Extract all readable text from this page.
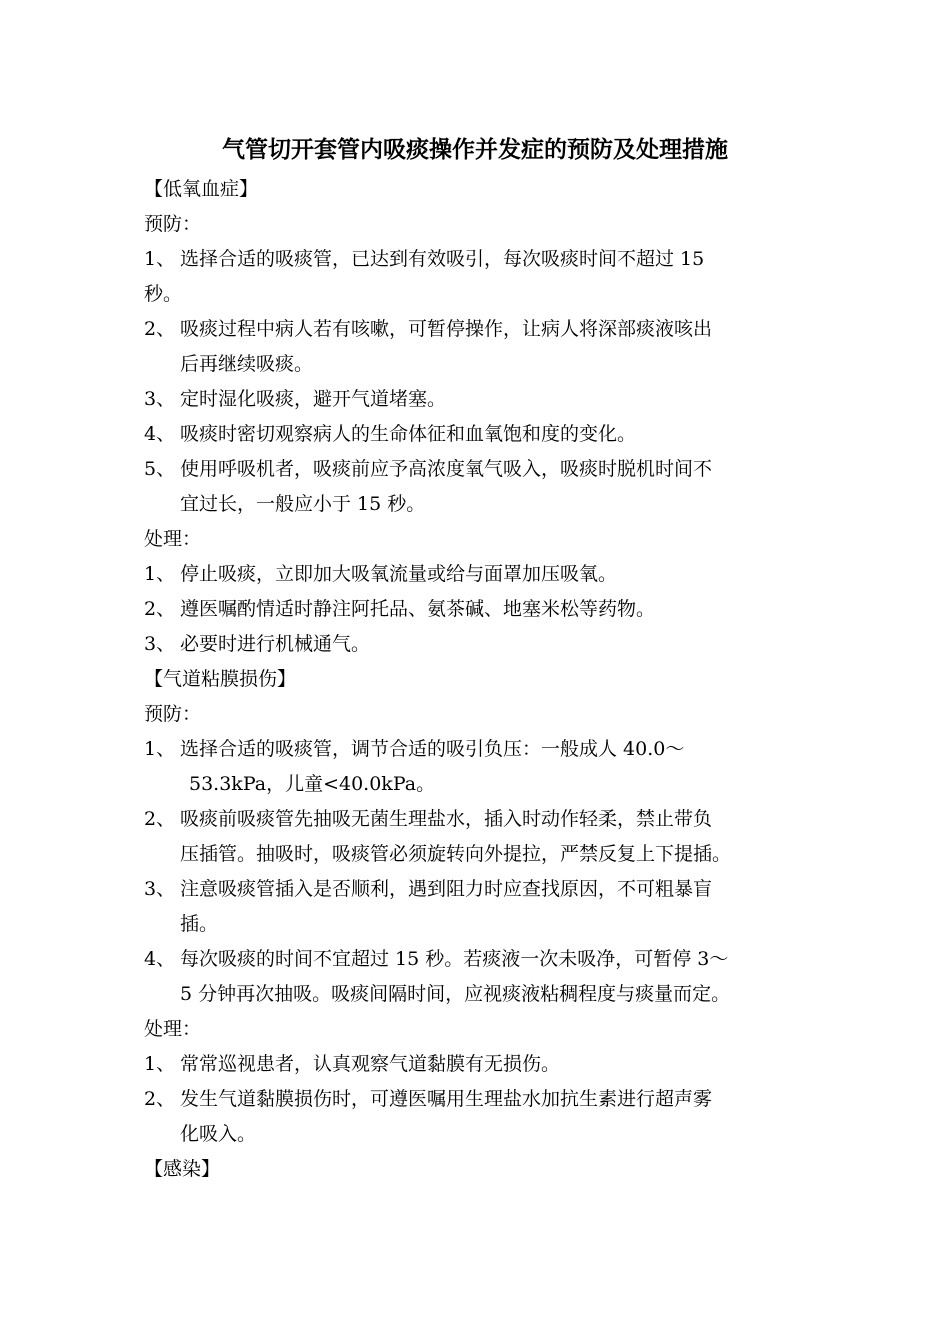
气管切开套管内吸痰操作并发症的预防及处理措施
【低氧血症】
预防：
1、 选择合适的吸痰管，已达到有效吸引，每次吸痰时间不超过 15
秒。
2、 吸痰过程中病人若有咳嗽，可暂停操作，让病人将深部痰液咳出
后再继续吸痰。
3、 定时湿化吸痰，避开气道堵塞。
4、 吸痰时密切观察病人的生命体征和血氧饱和度的变化。
5、 使用呼吸机者，吸痰前应予高浓度氧气吸入，吸痰时脱机时间不
宜过长，一般应小于 15 秒。
处理：
1、 停止吸痰，立即加大吸氧流量或给与面罩加压吸氧。
2、 遵医嘱酌情适时静注阿托品、氨茶碱、地塞米松等药物。
3、 必要时进行机械通气。
【气道粘膜损伤】
预防：
1、 选择合适的吸痰管，调节合适的吸引负压：一般成人 40.0～
53.3kPa，儿童<40.0kPa。
2、 吸痰前吸痰管先抽吸无菌生理盐水，插入时动作轻柔，禁止带负
压插管。抽吸时，吸痰管必须旋转向外提拉，严禁反复上下提插。
3、 注意吸痰管插入是否顺利，遇到阻力时应查找原因，不可粗暴盲
插。
4、 每次吸痰的时间不宜超过 15 秒。若痰液一次未吸净，可暂停 3～
5 分钟再次抽吸。吸痰间隔时间，应视痰液粘稠程度与痰量而定。
处理：
1、 常常巡视患者，认真观察气道黏膜有无损伤。
2、 发生气道黏膜损伤时，可遵医嘱用生理盐水加抗生素进行超声雾
化吸入。
【感染】
